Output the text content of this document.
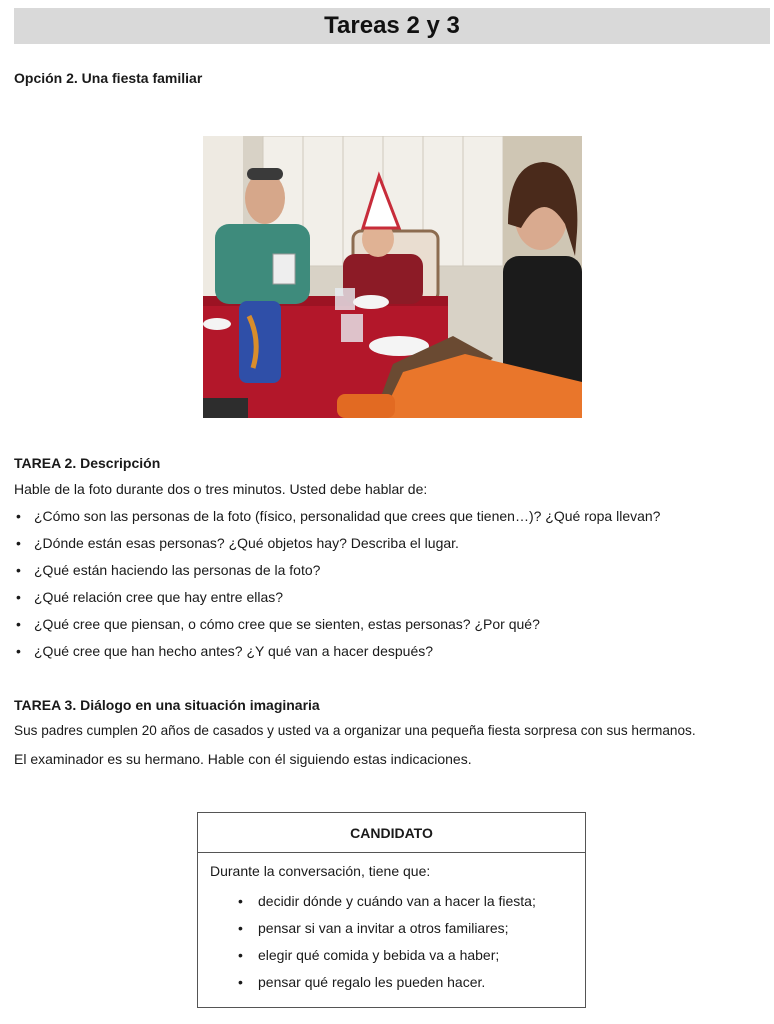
Tareas 2 y 3

Opción 2. Una fiesta familiar

TAREA 2. Descripción

Hable de la foto durante dos o tres minutos. Usted debe hablar de:

• ¿Cómo son las personas de la foto (físico, personalidad que crees que tienen…)? ¿Qué ropa llevan?
• ¿Dónde están esas personas? ¿Qué objetos hay? Describa el lugar.
• ¿Qué están haciendo las personas de la foto?
• ¿Qué relación cree que hay entre ellas?
• ¿Qué cree que piensan, o cómo cree que se sienten, estas personas? ¿Por qué?
• ¿Qué cree que han hecho antes? ¿Y qué van a hacer después?
TAREA 3. Diálogo en una situación imaginaria

Sus padres cumplen 20 años de casados y usted va a organizar una pequeña fiesta sorpresa con sus hermanos.

El examinador es su hermano. Hable con él siguiendo estas indicaciones.

CANDIDATO

Durante la conversación, tiene que:

• decidir dónde y cuándo van a hacer la fiesta;
• pensar si van a invitar a otros familiares;
• elegir qué comida y bebida va a haber;
• pensar qué regalo les pueden hacer.
